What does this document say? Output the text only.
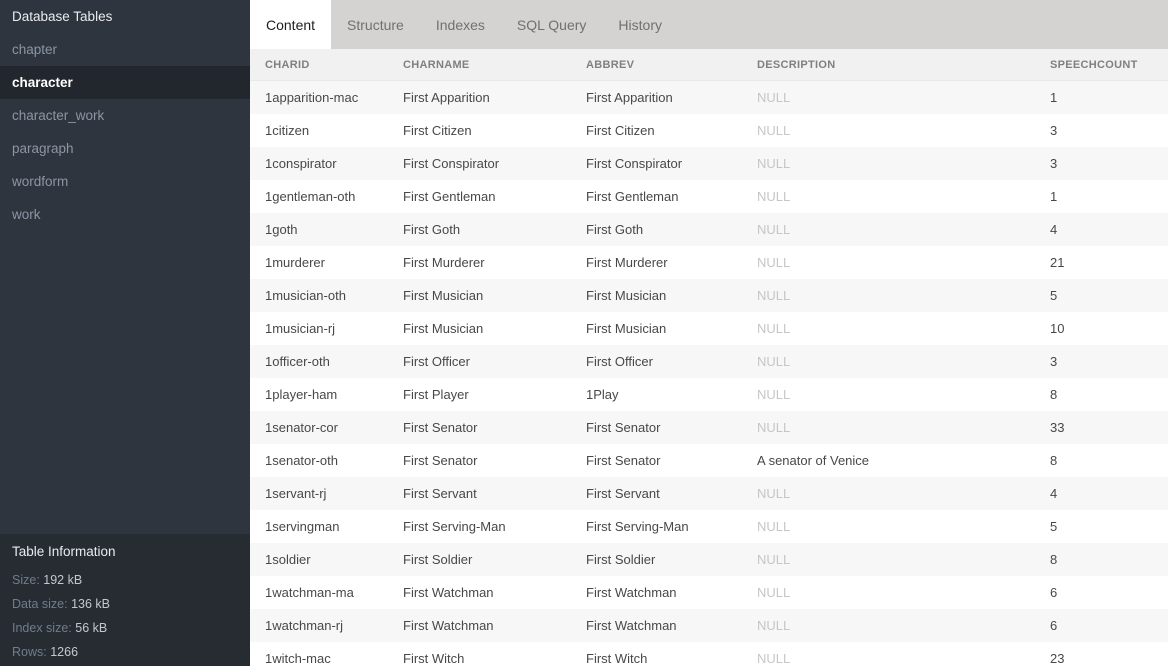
Database Tables
chapter
character
character_work
paragraph
wordform
work
Table Information
Size: 192 kB
Data size: 136 kB
Index size: 56 kB
Rows: 1266
Content	Structure	Indexes	SQL Query	History
CHARID	CHARNAME	ABBREV	DESCRIPTION	SPEECHCOUNT
1apparition-mac	First Apparition	First Apparition	NULL	1
1citizen	First Citizen	First Citizen	NULL	3
1conspirator	First Conspirator	First Conspirator	NULL	3
1gentleman-oth	First Gentleman	First Gentleman	NULL	1
1goth	First Goth	First Goth	NULL	4
1murderer	First Murderer	First Murderer	NULL	21
1musician-oth	First Musician	First Musician	NULL	5
1musician-rj	First Musician	First Musician	NULL	10
1officer-oth	First Officer	First Officer	NULL	3
1player-ham	First Player	1Play	NULL	8
1senator-cor	First Senator	First Senator	NULL	33
1senator-oth	First Senator	First Senator	A senator of Venice	8
1servant-rj	First Servant	First Servant	NULL	4
1servingman	First Serving-Man	First Serving-Man	NULL	5
1soldier	First Soldier	First Soldier	NULL	8
1watchman-ma	First Watchman	First Watchman	NULL	6
1watchman-rj	First Watchman	First Watchman	NULL	6
1witch-mac	First Witch	First Witch	NULL	23
